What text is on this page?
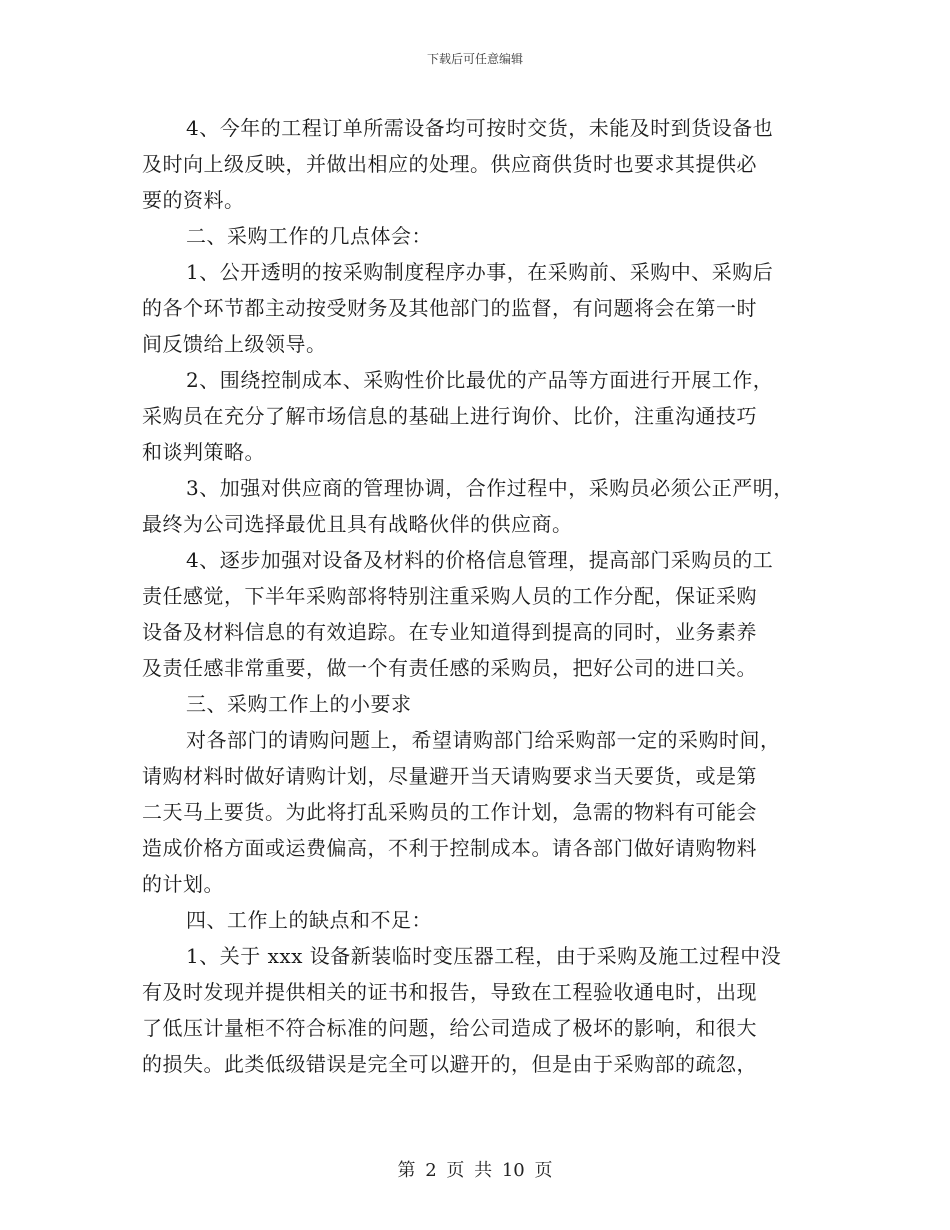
下载后可任意编辑
4、今年的工程订单所需设备均可按时交货，未能及时到货设备也
及时向上级反映，并做出相应的处理。供应商供货时也要求其提供必
要的资料。
二、采购工作的几点体会：
1、公开透明的按采购制度程序办事，在采购前、采购中、采购后
的各个环节都主动按受财务及其他部门的监督，有问题将会在第一时
间反馈给上级领导。
2、围绕控制成本、采购性价比最优的产品等方面进行开展工作，
采购员在充分了解市场信息的基础上进行询价、比价，注重沟通技巧
和谈判策略。
3、加强对供应商的管理协调，合作过程中，采购员必须公正严明，
最终为公司选择最优且具有战略伙伴的供应商。
4、逐步加强对设备及材料的价格信息管理，提高部门采购员的工
责任感觉，下半年采购部将特别注重采购人员的工作分配，保证采购
设备及材料信息的有效追踪。在专业知道得到提高的同时，业务素养
及责任感非常重要，做一个有责任感的采购员，把好公司的进口关。
三、采购工作上的小要求
对各部门的请购问题上，希望请购部门给采购部一定的采购时间，
请购材料时做好请购计划，尽量避开当天请购要求当天要货，或是第
二天马上要货。为此将打乱采购员的工作计划，急需的物料有可能会
造成价格方面或运费偏高，不利于控制成本。请各部门做好请购物料
的计划。
四、工作上的缺点和不足：
1、关于 xxx 设备新装临时变压器工程，由于采购及施工过程中没
有及时发现并提供相关的证书和报告，导致在工程验收通电时，出现
了低压计量柜不符合标准的问题，给公司造成了极坏的影响，和很大
的损失。此类低级错误是完全可以避开的，但是由于采购部的疏忽，
第 2 页 共 10 页
